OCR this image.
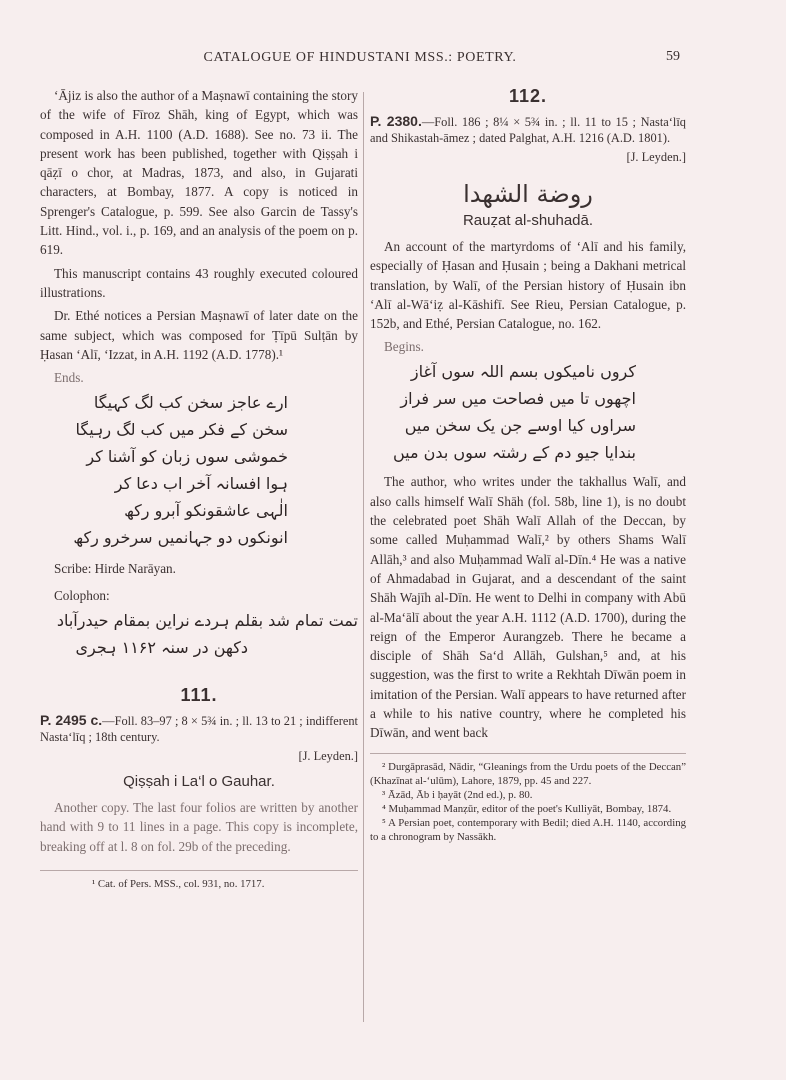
CATALOGUE OF HINDUSTANI MSS.: POETRY.	59

‘Ājiz is also the author of a Maṣnawī containing the story of the wife of Fīroz Shāh, king of Egypt, which was composed in A.H. 1100 (A.D. 1688). See no. 73 ii. The present work has been published, together with Qiṣṣah i qāẓī o chor, at Madras, 1873, and also, in Gujarati characters, at Bombay, 1877. A copy is noticed in Sprenger's Catalogue, p. 599. See also Garcin de Tassy's Litt. Hind., vol. i., p. 169, and an analysis of the poem on p. 619.

This manuscript contains 43 roughly executed coloured illustrations.

Dr. Ethé notices a Persian Maṣnawī of later date on the same subject, which was composed for Ṭīpū Sulṭān by Ḥasan ‘Alī, ‘Izzat, in A.H. 1192 (A.D. 1778).¹

Ends.
ارے عاجز سخن کب لگ کہیگا
سخن کے فکر میں کب لگ رہیگا
خموشی سوں زبان کو آشنا کر
ہوا افسانہ آخر اب دعا کر
الٰہی عاشقونکو آبرو رکھ
انونکوں دو جہانمیں سرخرو رکھ
Scribe: Hirde Narāyan.
Colophon:
تمت تمام شد بقلم ہردے نراین بمقام حیدرآباد
دکھن در سنہ ۱۱۶۲ ہجری
111.

P. 2495 c.—Foll. 83–97 ; 8 × 5¾ in. ; ll. 13 to 21 ; indifferent Nasta‘līq ; 18th century.

[J. Leyden.]
Qiṣṣah i La‘l o Gauhar.

Another copy. The last four folios are written by another hand with 9 to 11 lines in a page. This copy is incomplete, breaking off at l. 8 on fol. 29b of the preceding.

¹ Cat. of Pers. MSS., col. 931, no. 1717.

112.

P. 2380.—Foll. 186 ; 8¼ × 5¾ in. ; ll. 11 to 15 ; Nasta‘līq and Shikastah-āmez ; dated Palghat, A.H. 1216 (A.D. 1801).

[J. Leyden.]
روضة الشهدا
Rauẓat al-shuhadā.

An account of the martyrdoms of ‘Alī and his family, especially of Ḥasan and Ḥusain ; being a Dakhani metrical translation, by Walī, of the Persian history of Ḥusain ibn ‘Alī al-Wā‘iẓ al-Kāshifī. See Rieu, Persian Catalogue, p. 152b, and Ethé, Persian Catalogue, no. 162.

Begins.
کروں نامیکوں بسم اللہ سوں آغاز
اچھوں تا میں فصاحت میں سر فراز
سراوں کیا اوسے جن یک سخن میں
بندایا جیو دم کے رشتہ سوں بدن میں

The author, who writes under the takhallus Walī, and also calls himself Walī Shāh (fol. 58b, line 1), is no doubt the celebrated poet Shāh Walī Allah of the Deccan, by some called Muḥammad Walī,² by others Shams Walī Allāh,³ and also Muḥammad Walī al-Dīn.⁴ He was a native of Ahmadabad in Gujarat, and a descendant of the saint Shāh Wajīh al-Dīn. He went to Delhi in company with Abū al-Ma‘ālī about the year A.H. 1112 (A.D. 1700), during the reign of the Emperor Aurangzeb. There he became a disciple of Shāh Sa‘d Allāh, Gulshan,⁵ and, at his suggestion, was the first to write a Rekhtah Dīwān poem in imitation of the Persian. Walī appears to have returned after a while to his native country, where he completed his Dīwān, and went back

² Durgāprasād, Nādir, “Gleanings from the Urdu poets of the Deccan” (Khazīnat al-‘ulūm), Lahore, 1879, pp. 45 and 227.

³ Āzād, Āb i ḥayāt (2nd ed.), p. 80.

⁴ Muḥammad Manẓūr, editor of the poet's Kulliyāt, Bombay, 1874.

⁵ A Persian poet, contemporary with Bedil; died A.H. 1140, according to a chronogram by Nassākh.
